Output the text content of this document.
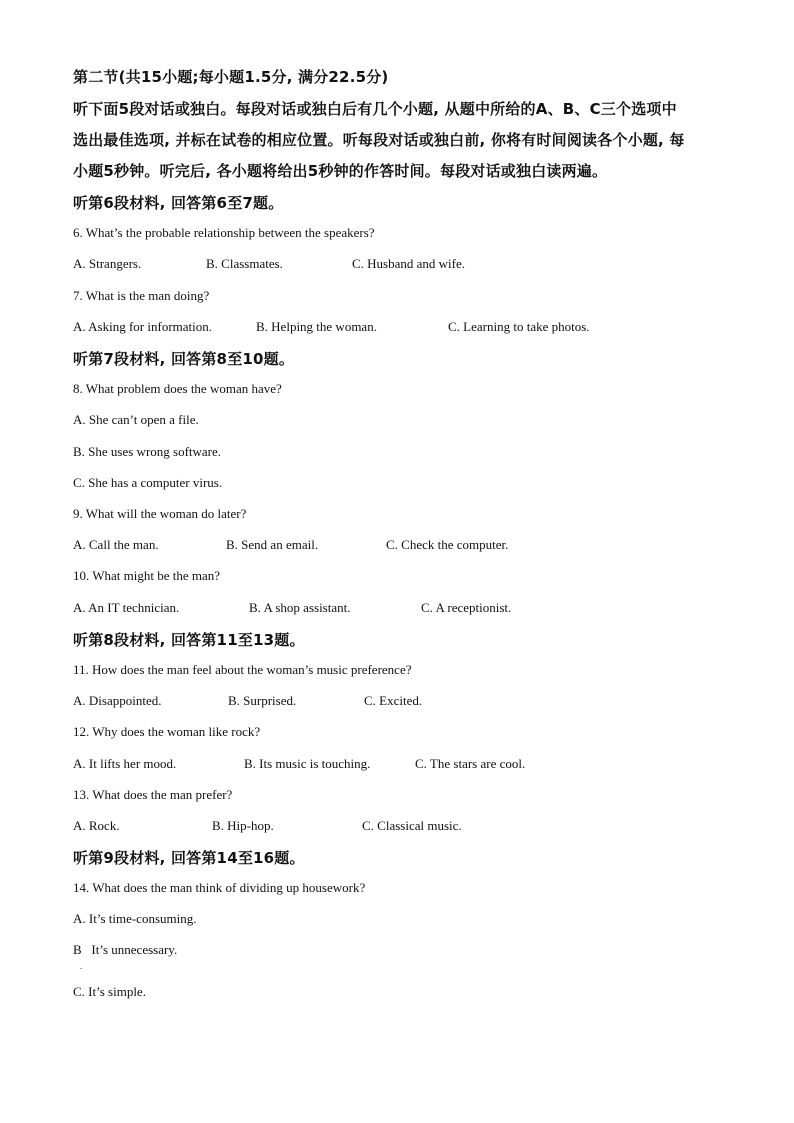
第二节(共15小题;每小题1.5分, 满分22.5分)
听下面5段对话或独白。每段对话或独白后有几个小题, 从题中所给的A、B、C三个选项中
选出最佳选项, 并标在试卷的相应位置。听每段对话或独白前, 你将有时间阅读各个小题, 每
小题5秒钟。听完后, 各小题将给出5秒钟的作答时间。每段对话或独白读两遍。
听第6段材料, 回答第6至7题。
6. What’s the probable relationship between the speakers?
A. Strangers.	B. Classmates.	C. Husband and wife.
7. What is the man doing?
A. Asking for information.	B. Helping the woman.	C. Learning to take photos.
听第7段材料, 回答第8至10题。
8. What problem does the woman have?
A. She can’t open a file.
B. She uses wrong software.
C. She has a computer virus.
9. What will the woman do later?
A. Call the man.	B. Send an email.	C. Check the computer.
10. What might be the man?
A. An IT technician.	B. A shop assistant.	C. A receptionist.
听第8段材料, 回答第11至13题。
11. How does the man feel about the woman’s music preference?
A. Disappointed.	B. Surprised.	C. Excited.
12. Why does the woman like rock?
A. It lifts her mood.	B. Its music is touching.	C. The stars are cool.
13. What does the man prefer?
A. Rock.	B. Hip-hop.	C. Classical music.
听第9段材料, 回答第14至16题。
14. What does the man think of dividing up housework?
A. It’s time-consuming.
B   It’s unnecessary.
.
C. It’s simple.
